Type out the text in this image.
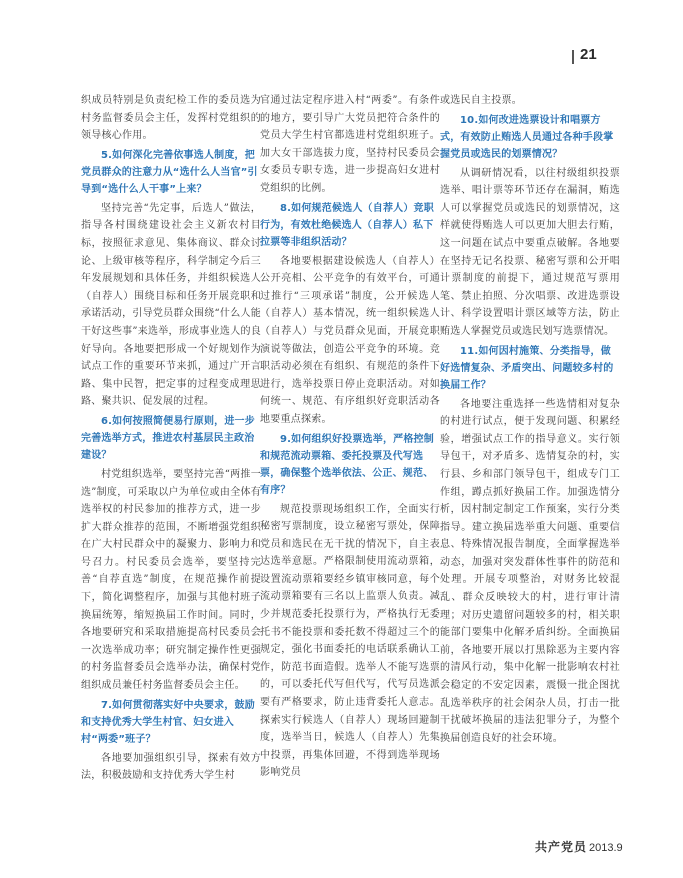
21

织成员特别是负责纪检工作的委员选为村务监督委员会主任，发挥村党组织的领导核心作用。

5.如何深化完善依事选人制度，把党员群众的注意力从“选什么人当官”引导到“选什么人干事”上来？

坚持完善“先定事，后选人”做法，指导各村围绕建设社会主义新农村目标，按照征求意见、集体商议、群众讨论、上级审核等程序，科学制定今后三年发展规划和具体任务，并组织候选人（自荐人）围绕目标和任务开展竞职和承诺活动，引导党员群众围绕“什么人能干好这些事”来选举，形成事业选人的良好导向。各地要把形成一个好规划作为试点工作的重要环节来抓，通过广开言路、集中民智，把定事的过程变成理思路、聚共识、促发展的过程。

6.如何按照简便易行原则，进一步完善选举方式，推进农村基层民主政治建设？

村党组织选举，要坚持完善“两推一选”制度，可采取以户为单位或由全体有选举权的村民参加的推荐方式，进一步扩大群众推荐的范围，不断增强党组织在广大村民群众中的凝聚力、影响力和号召力。村民委员会选举，要坚持完善“自荐直选”制度，在规范操作前提下，简化调整程序，加强与其他村班子换届统筹，缩短换届工作时间。同时，各地要研究和采取措施提高村民委员会一次选举成功率；研究制定操作性更强的村务监督委员会选举办法，确保村党组织成员兼任村务监督委员会主任。

7.如何贯彻落实好中央要求，鼓励和支持优秀大学生村官、妇女进入村“两委”班子？

各地要加强组织引导，探索有效方法，积极鼓励和支持优秀大学生村

官通过法定程序进入村“两委”。有条件的地方，要引导广大党员把符合条件的党员大学生村官都选进村党组织班子。加大女干部选拔力度，坚持村民委员会女委员专职专选，进一步提高妇女进村党组织的比例。

8.如何规范候选人（自荐人）竞职行为，有效杜绝候选人（自荐人）私下拉票等非组织活动？

各地要根据建设候选人（自荐人）公开亮相、公平竞争的有效平台，可通过推行“三项承诺”制度，公开候选人（自荐人）基本情况，统一组织候选人（自荐人）与党员群众见面，开展竞职演说等做法，创造公平竞争的环境。竞职活动必须在有组织、有规范的条件下进行，选举投票日停止竞职活动。对如何统一、规范、有序组织好竞职活动各地要重点探索。

9.如何组织好投票选举，严格控制和规范流动票箱、委托投票及代写选票，确保整个选举依法、公正、规范、有序？

规范投票现场组织工作，全面实行秘密写票制度，设立秘密写票处，保障党员和选民在无干扰的情况下，自主表达选举意愿。严格限制使用流动票箱，设置流动票箱要经乡镇审核同意，每个流动票箱要有三名以上监票人负责。减少并规范委托投票行为，严格执行无委托书不能投票和委托数不得超过三个的规定，强化书面委托的电话联系确认工作，防范书面造假。选举人不能写选票的，可以委托代写但代写，代写员选派要有严格要求，防止违背委托人意志。探索实行候选人（自荐人）现场回避制度，选举当日，候选人（自荐人）先集中投票，再集体回避，不得到选举现场影响党员

或选民自主投票。

10.如何改进选票设计和唱票方式，有效防止贿选人员通过各种手段掌握党员或选民的划票情况？

从调研情况看，以往村级组织投票选举、唱计票等环节还存在漏洞，贿选人可以掌握党员或选民的划票情况，这样就使得贿选人可以更加大胆去行贿，这一问题在试点中要重点破解。各地要在坚持无记名投票、秘密写票和公开唱计票制度的前提下，通过规范写票用笔、禁止拍照、分次唱票、改进选票设计、科学设置唱计票区域等方法，防止贿选人掌握党员或选民划写选票情况。

11.如何因村施策、分类指导，做好选情复杂、矛盾突出、问题较多村的换届工作？

各地要注重选择一些选情相对复杂的村进行试点，便于发现问题、积累经验，增强试点工作的指导意义。实行领导包干，对矛盾多、选情复杂的村，实行县、乡和部门领导包干，组成专门工作组，蹲点抓好换届工作。加强选情分析，因村制定制定工作预案，实行分类指导。建立换届选举重大问题、重要信息、特殊情况报告制度，全面掌握选举动态，加强对突发群体性事件的防范和处理。开展专项整治，对财务比较混乱、群众反映较大的村，进行审计清理；对历史遗留问题较多的村，相关职能部门要集中化解矛盾纠纷。全面换届前，各地要开展以打黑除恶为主要内容的清风行动，集中化解一批影响农村社会稳定的不安定因素，震慑一批企图扰乱选举秩序的社会闲杂人员，打击一批干扰破坏换届的违法犯罪分子，为整个换届创造良好的社会环境。

共产党员 2013.9
